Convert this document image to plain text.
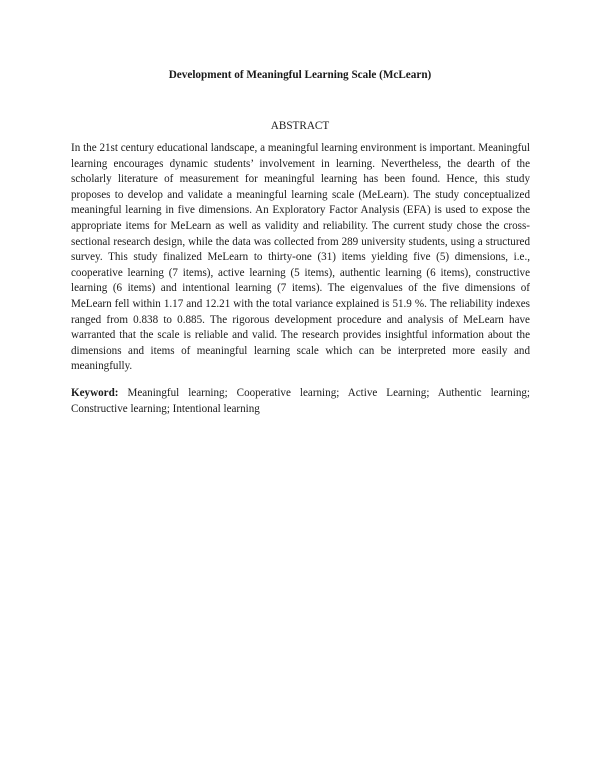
Development of Meaningful Learning Scale (McLearn)
ABSTRACT

In the 21st century educational landscape, a meaningful learning environment is important. Meaningful learning encourages dynamic students’ involvement in learning. Nevertheless, the dearth of the scholarly literature of measurement for meaningful learning has been found. Hence, this study proposes to develop and validate a meaningful learning scale (MeLearn). The study conceptualized meaningful learning in five dimensions. An Exploratory Factor Analysis (EFA) is used to expose the appropriate items for MeLearn as well as validity and reliability. The current study chose the cross-sectional research design, while the data was collected from 289 university students, using a structured survey. This study finalized MeLearn to thirty-one (31) items yielding five (5) dimensions, i.e., cooperative learning (7 items), active learning (5 items), authentic learning (6 items), constructive learning (6 items) and intentional learning (7 items). The eigenvalues of the five dimensions of MeLearn fell within 1.17 and 12.21 with the total variance explained is 51.9 %. The reliability indexes ranged from 0.838 to 0.885. The rigorous development procedure and analysis of MeLearn have warranted that the scale is reliable and valid. The research provides insightful information about the dimensions and items of meaningful learning scale which can be interpreted more easily and meaningfully.

Keyword: Meaningful learning; Cooperative learning; Active Learning; Authentic learning; Constructive learning; Intentional learning
